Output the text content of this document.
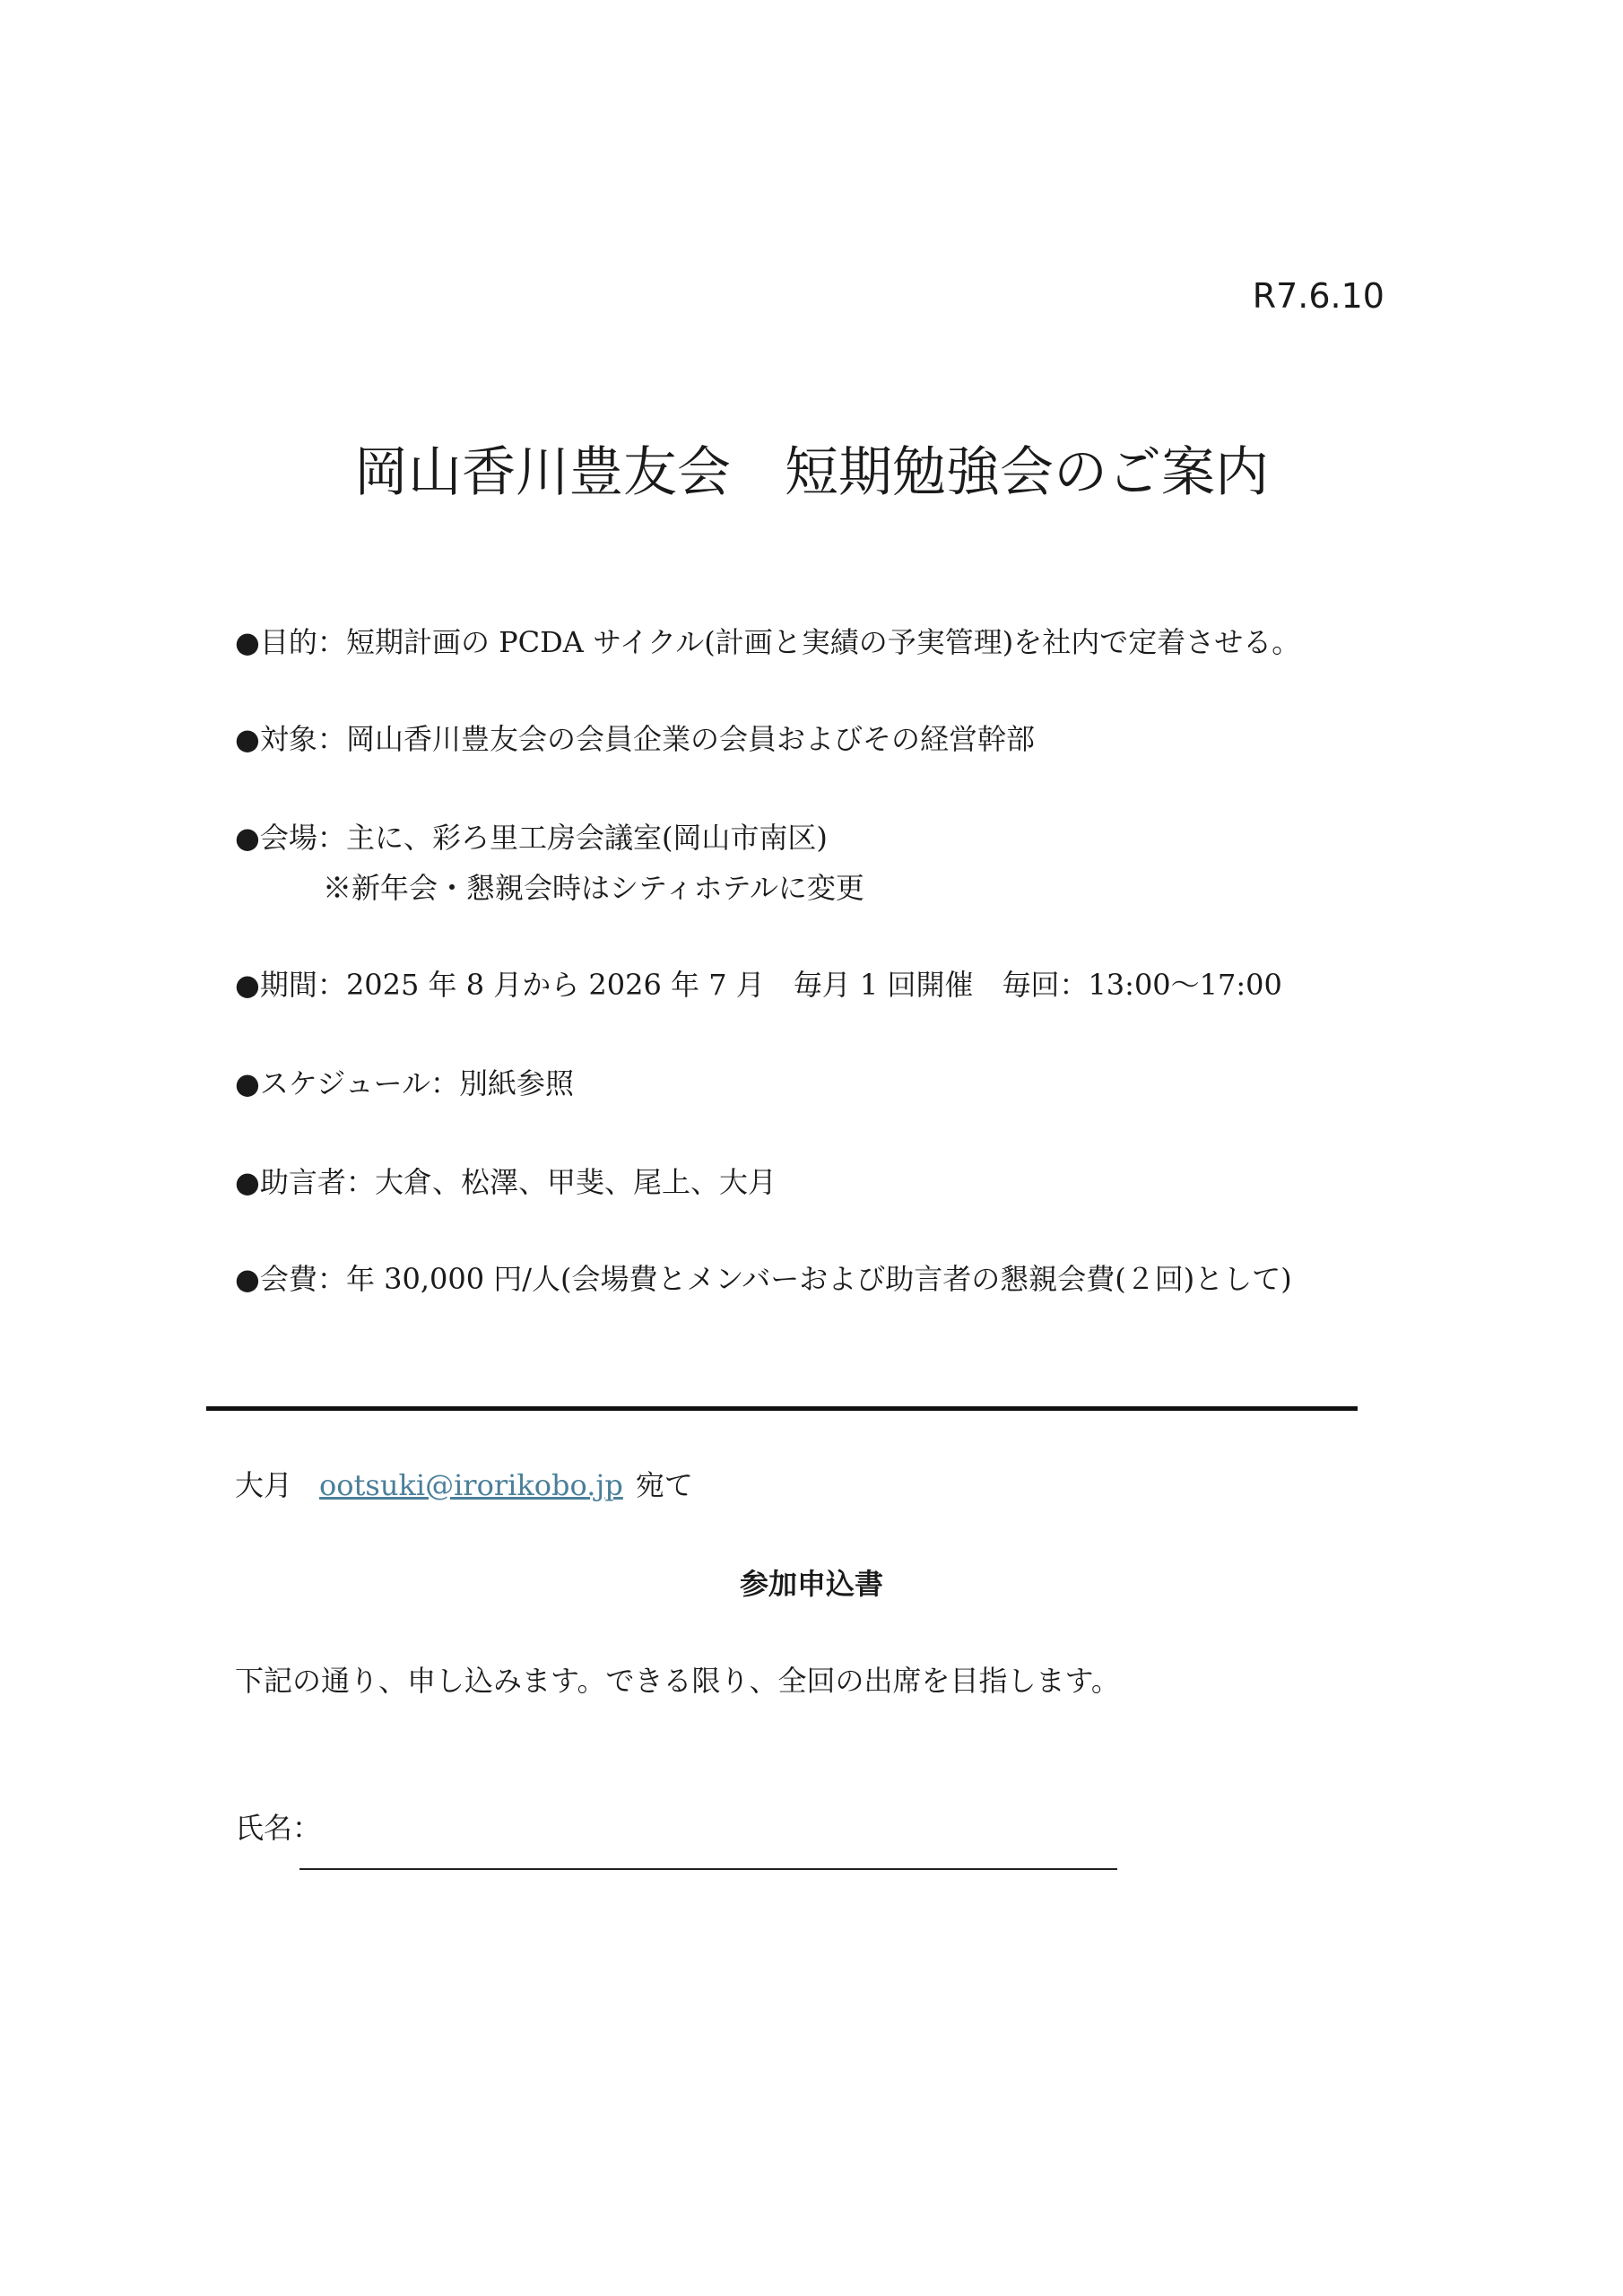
R7.6.10
岡山香川豊友会　短期勉強会のご案内
●目的：短期計画の PCDA サイクル(計画と実績の予実管理)を社内で定着させる。
●対象：岡山香川豊友会の会員企業の会員およびその経営幹部
●会場：主に、彩ろ里工房会議室(岡山市南区)
※新年会・懇親会時はシティホテルに変更
●期間：2025 年 8 月から 2026 年 7 月　毎月 1 回開催　毎回：13:00～17:00
●スケジュール：別紙参照
●助言者：大倉、松澤、甲斐、尾上、大月
●会費：年 30,000 円/人(会場費とメンバーおよび助言者の懇親会費(２回)として)
大月 ootsuki@irorikobo.jp 宛て
参加申込書
下記の通り、申し込みます。できる限り、全回の出席を目指します。
氏名：
